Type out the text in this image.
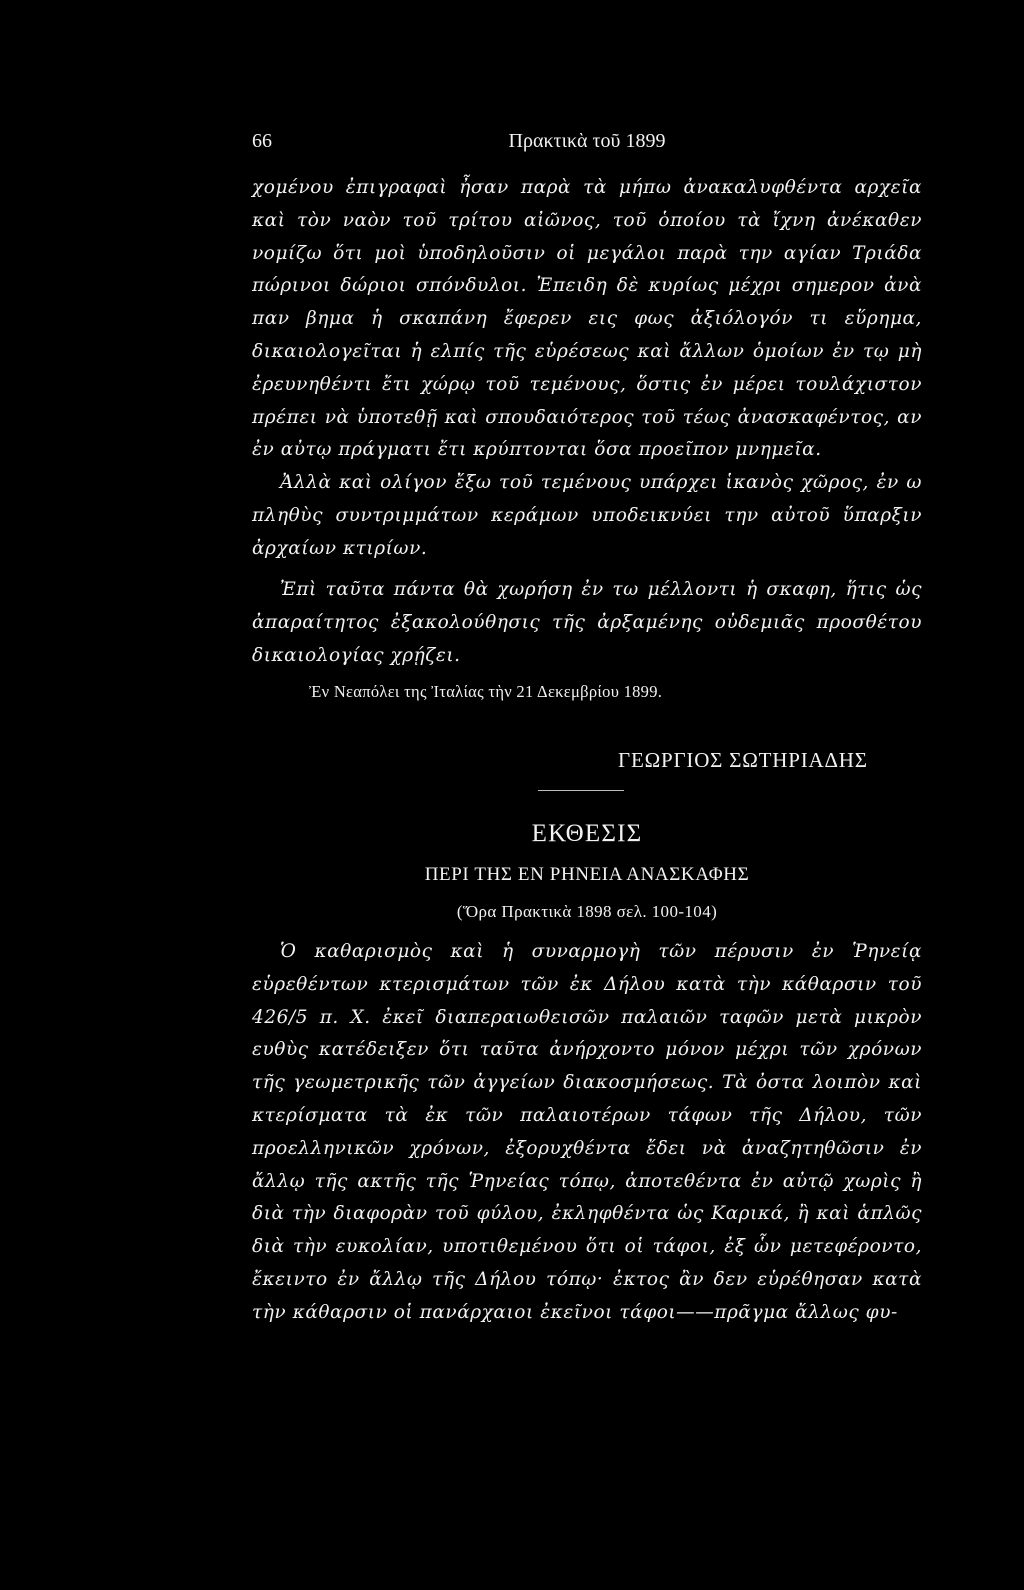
66	Πρακτικὰ τοῦ 1899

χομένου ἐπιγραφαὶ ἦσαν παρὰ τὰ μήπω ἀνακαλυφθέντα αρχεῖα καὶ τὸν ναὸν τοῦ τρίτου αἰῶνος, τοῦ ὁποίου τὰ ἴχνη ἀνέκαθεν νομίζω ὅτι μοὶ ὑποδηλοῦσιν οἱ μεγάλοι παρὰ την αγίαν Τριάδα πώρινοι δώριοι σπόνδυλοι. Ἐπειδη δὲ κυρίως μέχρι σημερον ἀνὰ παν βημα ἡ σκαπάνη ἔφερεν εις φως ἀξιόλογόν τι εὕρημα, δικαιολογεῖται ἡ ελπίς τῆς εὑρέσεως καὶ ἄλλων ὁμοίων ἐν τῳ μὴ ἐρευνηθέντι ἔτι χώρῳ τοῦ τεμένους, ὅστις ἐν μέρει τουλάχιστον πρέπει νὰ ὑποτεθῇ καὶ σπουδαιότερος τοῦ τέως ἀνασκαφέντος, αν ἐν αὐτῳ πράγματι ἔτι κρύπτονται ὅσα προεῖπον μνημεῖα.

Ἀλλὰ καὶ ολίγον ἔξω τοῦ τεμένους υπάρχει ἱκανὸς χῶρος, ἐν ω πληθὺς συντριμμάτων κεράμων υποδεικνύει την αὐτοῦ ὕπαρξιν ἀρχαίων κτιρίων.

Ἐπὶ ταῦτα πάντα θὰ χωρήση ἐν τω μέλλοντι ἡ σκαφη, ἥτις ὡς ἀπαραίτητος ἐξακολούθησις τῆς ἀρξαμένης οὐδεμιᾶς προσθέτου δικαιολογίας χρῄζει.

Ἐν Νεαπόλει της Ἰταλίας τὴν 21 Δεκεμβρίου 1899.
ΓΕΩΡΓΙΟΣ ΣΩΤΗΡΙΑΔΗΣ
ΕΚΘΕΣΙΣ
ΠΕΡΙ ΤΗΣ ΕΝ ΡΗΝΕΙΑ ΑΝΑΣΚΑΦΗΣ
(Ὅρα Πρακτικὰ 1898 σελ. 100-104)

Ὁ καθαρισμὸς καὶ ἡ συναρμογὴ τῶν πέρυσιν ἐν Ῥηνείᾳ εὑρεθέντων κτερισμάτων τῶν ἐκ Δήλου κατὰ τὴν κάθαρσιν τοῦ 426/5 π. Χ. ἐκεῖ διαπεραιωθεισῶν παλαιῶν ταφῶν μετὰ μικρὸν ευθὺς κατέδειξεν ὅτι ταῦτα ἀνήρχοντο μόνον μέχρι τῶν χρόνων τῆς γεωμετρικῆς τῶν ἀγγείων διακοσμήσεως. Τὰ ὀστα λοιπὸν καὶ κτερίσματα τὰ ἐκ τῶν παλαιοτέρων τάφων τῆς Δήλου, τῶν προελληνικῶν χρόνων, ἐξορυχθέντα ἔδει νὰ ἀναζητηθῶσιν ἐν ἄλλῳ τῆς ακτῆς τῆς Ῥηνείας τόπῳ, ἀποτεθέντα ἐν αὐτῷ χωρὶς ἢ διὰ τὴν διαφορὰν τοῦ φύλου, ἐκληφθέντα ὡς Καρικά, ἢ καὶ ἁπλῶς διὰ τὴν ευκολίαν, υποτιθεμένου ὅτι οἱ τάφοι, ἐξ ὧν μετεφέροντο, ἔκειντο ἐν ἄλλῳ τῆς Δήλου τόπῳ· ἐκτος ἂν δεν εὑρέθησαν κατὰ τὴν κάθαρσιν οἱ πανάρχαιοι ἐκεῖνοι τάφοι——πρᾶγμα ἄλλως φυ-
